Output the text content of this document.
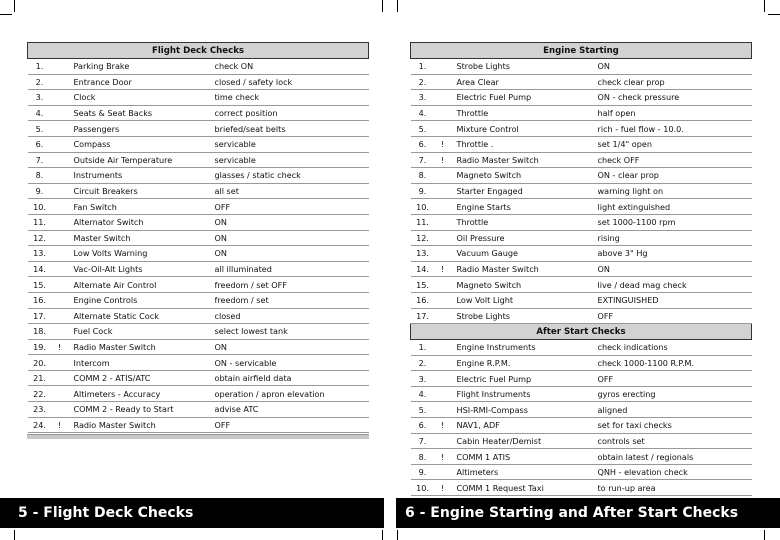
Flight Deck Checks			
1.		Parking Brake	check ON
2.		Entrance Door	closed / safety lock
3.		Clock	time check
4.		Seats & Seat Backs	correct position
5.		Passengers	briefed/seat belts
6.		Compass	servicable
7.		Outside Air Temperature	servicable
8.		Instruments	glasses / static check
9.		Circuit Breakers	all set
10.		Fan Switch	OFF
11.		Alternator Switch	ON
12.		Master Switch	ON
13.		Low Volts Warning	ON
14.		Vac-Oil-Alt Lights	all illuminated
15.		Alternate Air Control	freedom / set OFF
16.		Engine Controls	freedom / set
17.		Alternate Static Cock	closed
18.		Fuel Cock	select lowest tank
19.	!	Radio Master Switch	ON
20.		Intercom	ON - servicable
21.		COMM 2 - ATIS/ATC	obtain airfield data
22.		Altimeters - Accuracy	operation / apron elevation
23.		COMM 2 - Ready to Start	advise ATC
24.	!	Radio Master Switch	OFF
Engine Starting			
1.		Strobe Lights	ON
2.		Area Clear	check clear prop
3.		Electric Fuel Pump	ON - check pressure
4.		Throttle	half open
5.		Mixture Control	rich - fuel flow - 10.0.
6.	!	Throttle .	set 1/4" open
7.	!	Radio Master Switch	check OFF
8.		Magneto Switch	ON - clear prop
9.		Starter Engaged	warning light on
10.		Engine Starts	light extinguished
11.		Throttle	set 1000-1100 rpm
12.		Oil Pressure	rising
13.		Vacuum Gauge	above 3" Hg
14.	!	Radio Master Switch	ON
15.		Magneto Switch	live / dead mag check
16.		Low Volt Light	EXTINGUISHED
17.		Strobe Lights	OFF
After Start Checks			
1.		Engine Instruments	check indications
2.		Engine R.P.M.	check 1000-1100 R.P.M.
3.		Electric Fuel Pump	OFF
4.		Flight Instruments	gyros erecting
5.		HSI-RMI-Compass	aligned
6.	!	NAV1, ADF	set for taxi checks
7.		Cabin Heater/Demist	controls set
8.	!	COMM 1 ATIS	obtain latest / regionals
9.		Altimeters	QNH - elevation check
10.	!	COMM 1 Request Taxi	to run-up area
5 - Flight Deck Checks	6 - Engine Starting and After Start Checks
